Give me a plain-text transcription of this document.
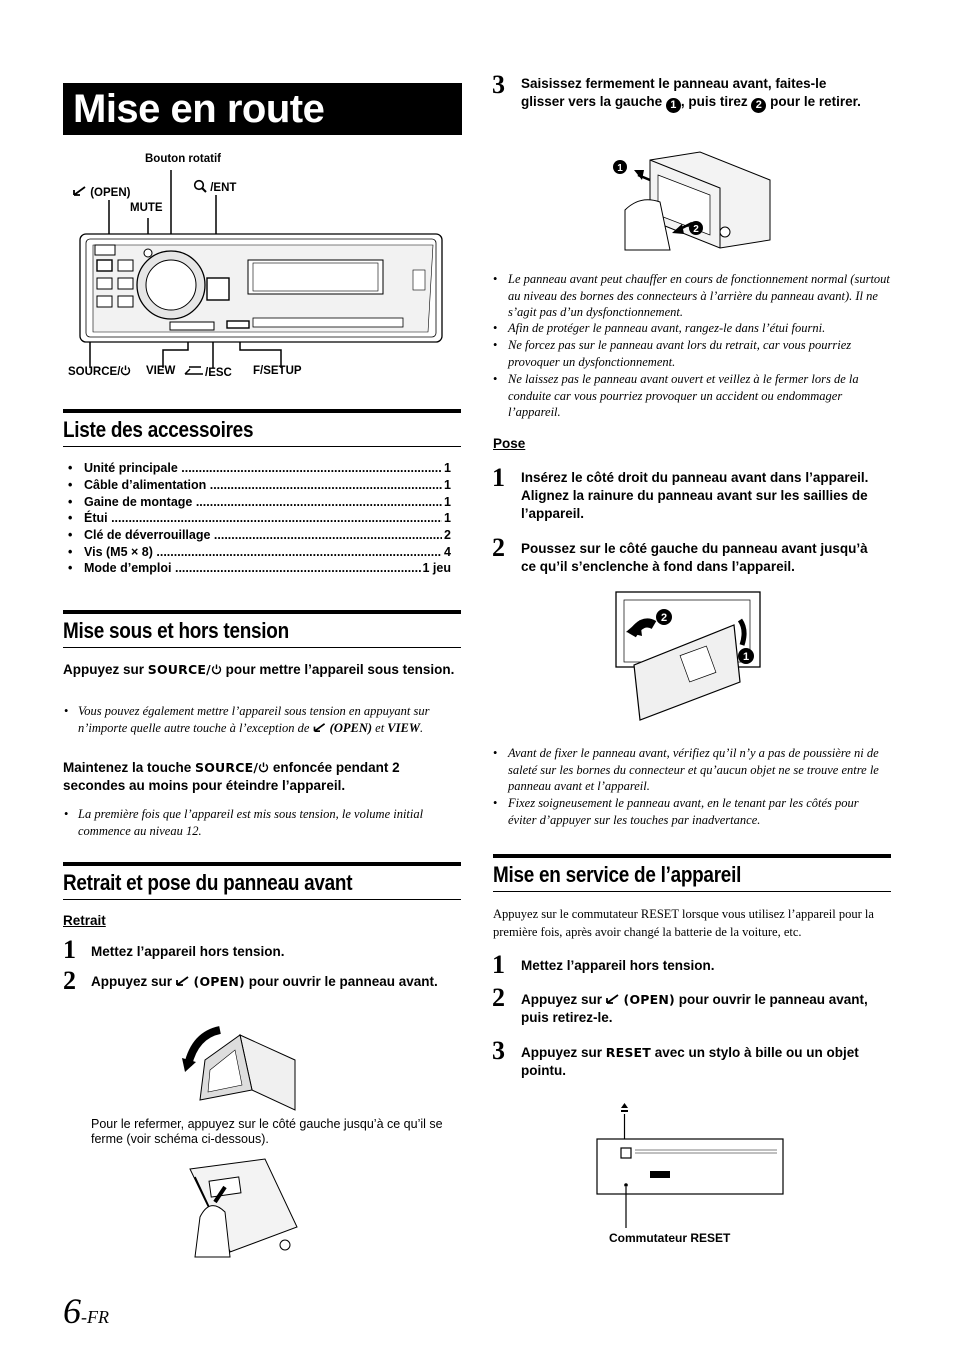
Mise en route
Bouton rotatif
(OPEN)	/ENT
MUTE
SOURCE/	VIEW	/ESC F/SETUP
Liste des accessoires
• Unité principale .....	1
• Câble d’alimentation .....	1
• Gaine de montage .....	1
• Étui .....	1
• Clé de déverrouillage .....	2
• Vis (M5 × 8) .....	4
• Mode d’emploi .....	1 jeu
Mise sous et hors tension
Appuyez sur SOURCE/ pour mettre l’appareil sous tension.
• Vous pouvez également mettre l’appareil sous tension en appuyant sur n’importe quelle autre touche à l’exception de (OPEN) et VIEW.
Maintenez la touche SOURCE/ enfoncée pendant 2 secondes au moins pour éteindre l’appareil.
• La première fois que l’appareil est mis sous tension, le volume initial commence au niveau 12.
Retrait et pose du panneau avant
Retrait
1 Mettez l’appareil hors tension.
2 Appuyez sur  (OPEN) pour ouvrir le panneau avant.
Pour le refermer, appuyez sur le côté gauche jusqu’à ce qu’il se ferme (voir schéma ci-dessous).
6-FR
3 Saisissez fermement le panneau avant, faites-le glisser vers la gauche 1 , puis tirez 2 pour le retirer.
1
2
• Le panneau avant peut chauffer en cours de fonctionnement normal (surtout au niveau des bornes des connecteurs à l’arrière du panneau avant). Il ne s’agit pas d’un dysfonctionnement.
• Afin de protéger le panneau avant, rangez-le dans l’étui fourni.
• Ne forcez pas sur le panneau avant lors du retrait, car vous pourriez provoquer un dysfonctionnement.
• Ne laissez pas le panneau avant ouvert et veillez à le fermer lors de la conduite car vous pourriez provoquer un accident ou endommager l’appareil.
Pose
1 Insérez le côté droit du panneau avant dans l’appareil. Alignez la rainure du panneau avant sur les saillies de l’appareil.
2 Poussez sur le côté gauche du panneau avant jusqu’à ce qu’il s’enclenche à fond dans l’appareil.
2
1
• Avant de fixer le panneau avant, vérifiez qu’il n’y a pas de poussière ni de saleté sur les bornes du connecteur et qu’aucun objet ne se trouve entre le panneau avant et l’appareil.
• Fixez soigneusement le panneau avant, en le tenant par les côtés pour éviter d’appuyer sur les touches par inadvertance.
Mise en service de l’appareil
Appuyez sur le commutateur RESET lorsque vous utilisez l’appareil pour la première fois, après avoir changé la batterie de la voiture, etc.
1 Mettez l’appareil hors tension.
2 Appuyez sur  (OPEN) pour ouvrir le panneau avant, puis retirez-le.
3 Appuyez sur RESET avec un stylo à bille ou un objet pointu.
Commutateur RESET
